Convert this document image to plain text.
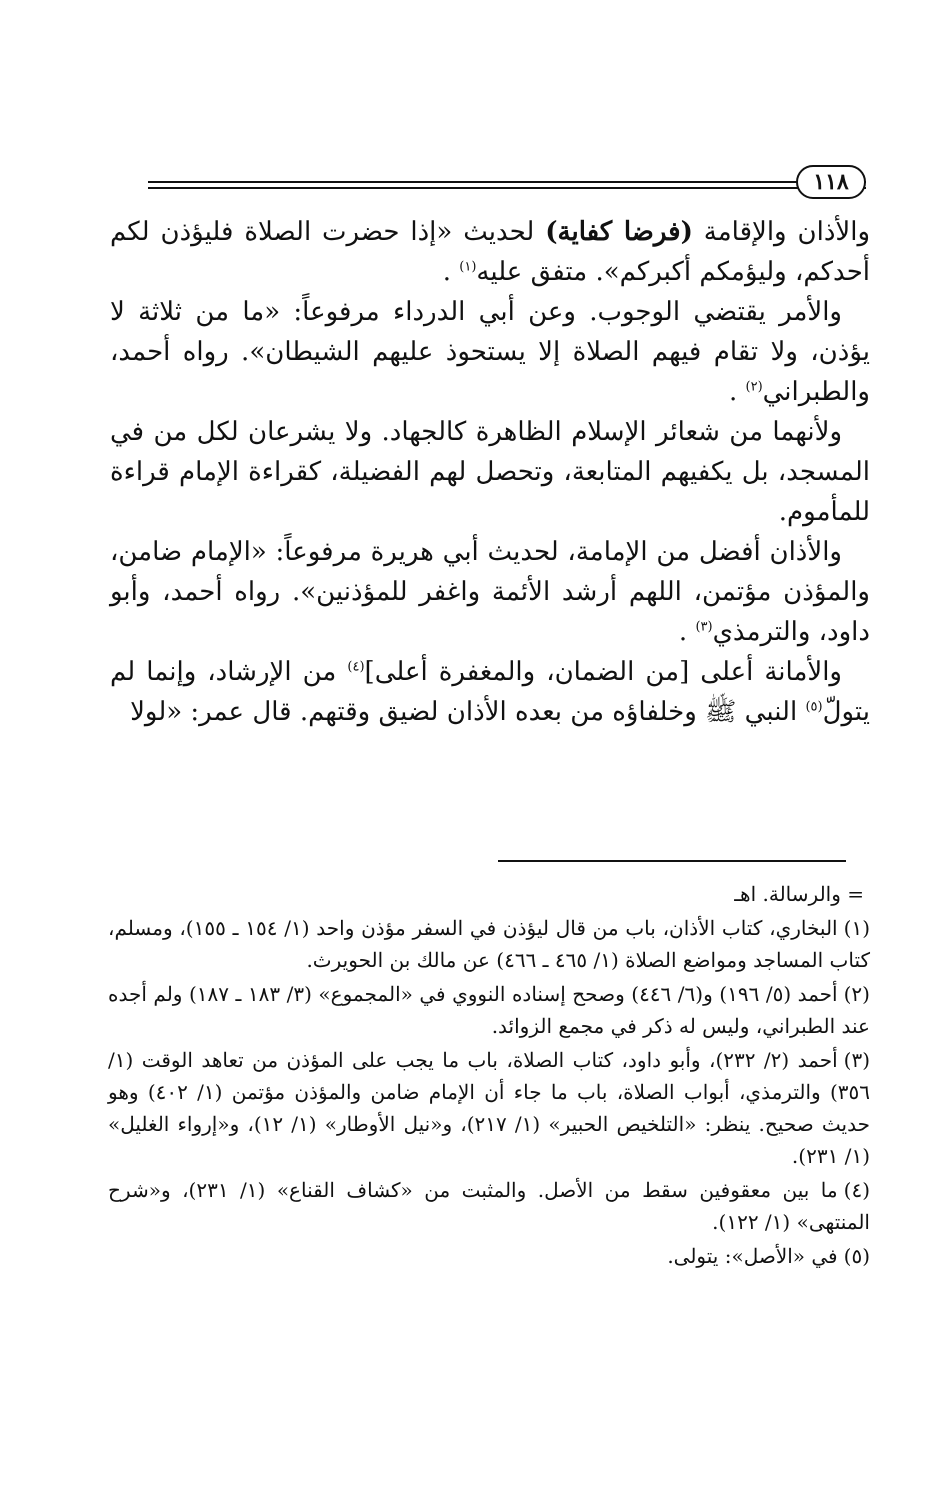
١١٨

والأذان والإقامة (فرضا كفاية) لحديث «إذا حضرت الصلاة فليؤذن لكم أحدكم، وليؤمكم أكبركم». متفق عليه$^{(١)}$ .

والأمر يقتضي الوجوب. وعن أبي الدرداء مرفوعاً: «ما من ثلاثة لا يؤذن، ولا تقام فيهم الصلاة إلا يستحوذ عليهم الشيطان». رواه أحمد، والطبراني$^{(٢)}$ .

ولأنهما من شعائر الإسلام الظاهرة كالجهاد. ولا يشرعان لكل من في المسجد، بل يكفيهم المتابعة، وتحصل لهم الفضيلة، كقراءة الإمام قراءة للمأموم.

والأذان أفضل من الإمامة، لحديث أبي هريرة مرفوعاً: «الإمام ضامن، والمؤذن مؤتمن، اللهم أرشد الأئمة واغفر للمؤذنين». رواه أحمد، وأبو داود، والترمذي$^{(٣)}$ .

والأمانة أعلى [من الضمان، والمغفرة أعلى]$^{(٤)}$ من الإرشاد، وإنما لم يتولّ$^{(٥)}$ النبي ﷺ وخلفاؤه من بعده الأذان لضيق وقتهم. قال عمر: «لولا

= والرسالة. اهـ

(١)البخاري، كتاب الأذان، باب من قال ليؤذن في السفر مؤذن واحد (١/ ١٥٤ ـ ١٥٥)، ومسلم، كتاب المساجد ومواضع الصلاة (١/ ٤٦٥ ـ ٤٦٦) عن مالك بن الحويرث.

(٢)أحمد (٥/ ١٩٦) و(٦/ ٤٤٦) وصحح إسناده النووي في «المجموع» (٣/ ١٨٣ ـ ١٨٧) ولم أجده عند الطبراني، وليس له ذكر في مجمع الزوائد.

(٣)أحمد (٢/ ٢٣٢)، وأبو داود، كتاب الصلاة، باب ما يجب على المؤذن من تعاهد الوقت (١/ ٣٥٦) والترمذي، أبواب الصلاة، باب ما جاء أن الإمام ضامن والمؤذن مؤتمن (١/ ٤٠٢) وهو حديث صحيح. ينظر: «التلخيص الحبير» (١/ ٢١٧)، و«نيل الأوطار» (١/ ١٢)، و«إرواء الغليل» (١/ ٢٣١).

(٤)ما بين معقوفين سقط من الأصل. والمثبت من «كشاف القناع» (١/ ٢٣١)، و«شرح المنتهى» (١/ ١٢٢).

(٥)في «الأصل»: يتولى.
